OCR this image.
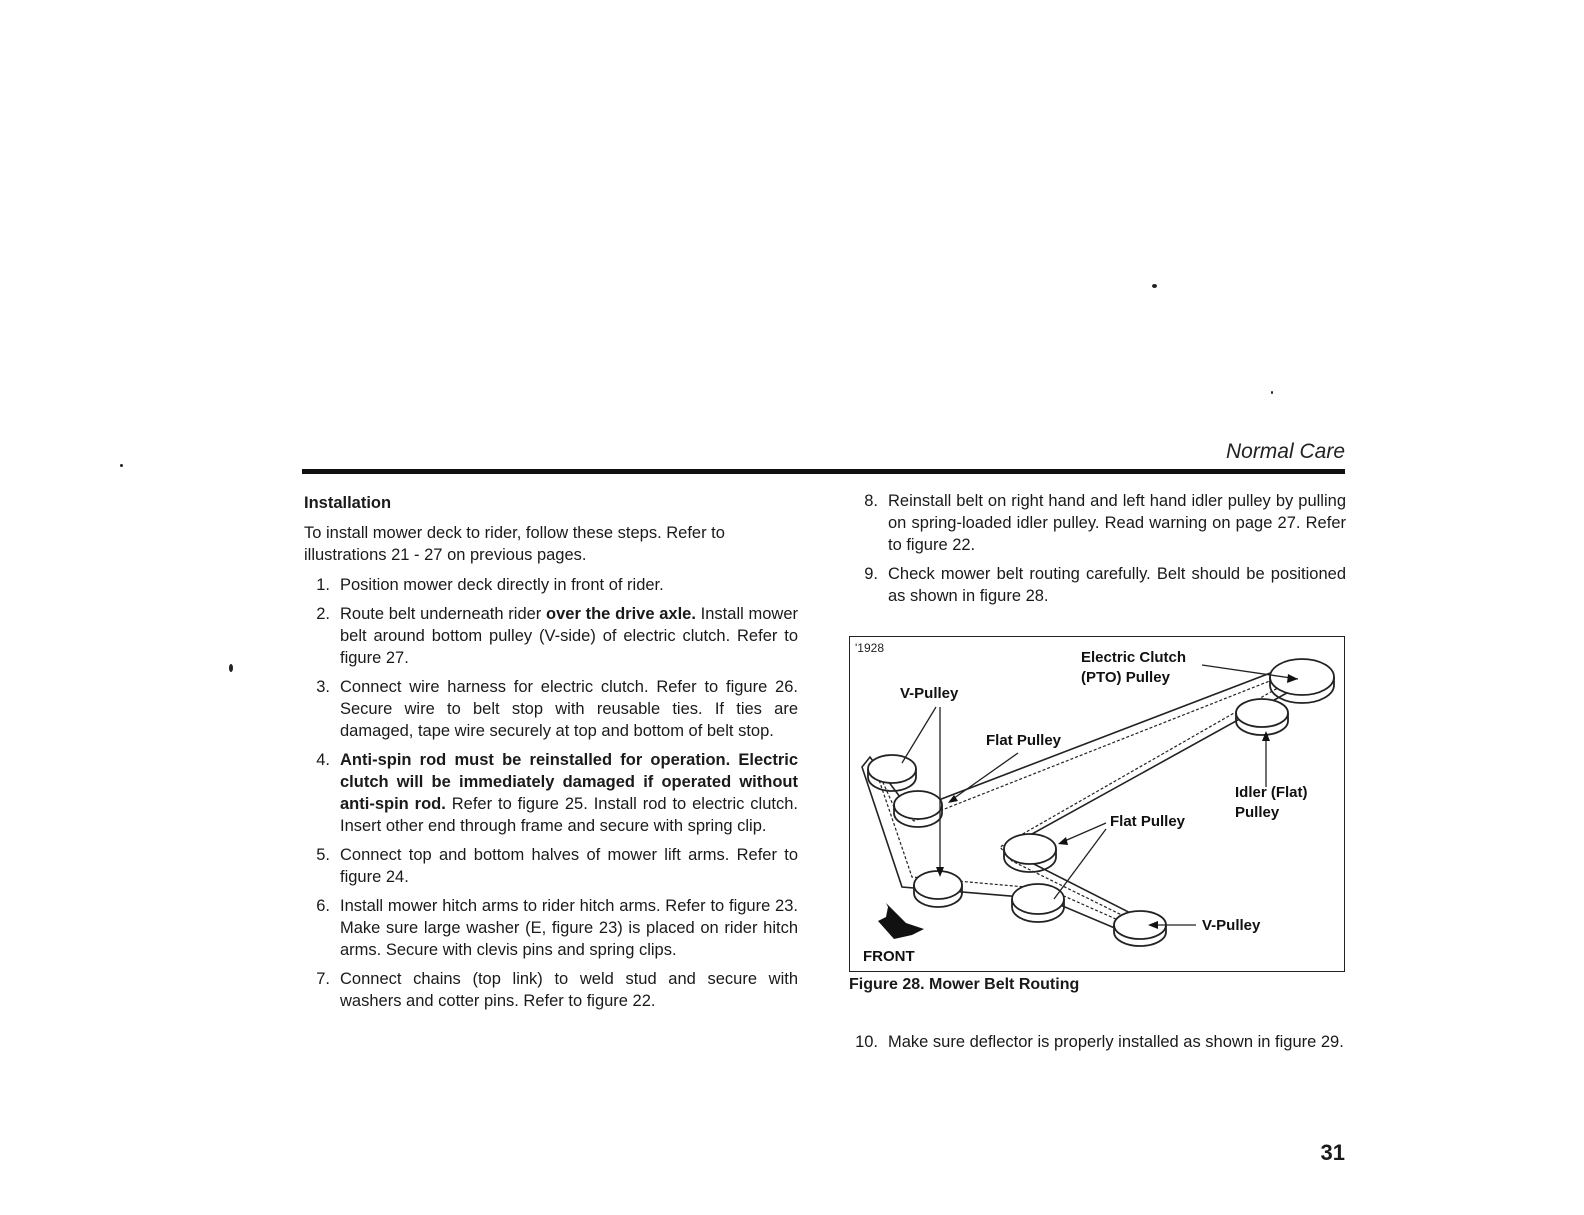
Normal Care
Installation
To install mower deck to rider, follow these steps. Refer to illustrations 21 - 27 on previous pages.
1. Position mower deck directly in front of rider.
2. Route belt underneath rider over the drive axle. Install mower belt around bottom pulley (V-side) of electric clutch. Refer to figure 27.
3. Connect wire harness for electric clutch. Refer to figure 26. Secure wire to belt stop with reusable ties. If ties are damaged, tape wire securely at top and bottom of belt stop.
4. Anti-spin rod must be reinstalled for operation. Electric clutch will be immediately damaged if operated without anti-spin rod. Refer to figure 25. Install rod to electric clutch. Insert other end through frame and secure with spring clip.
5. Connect top and bottom halves of mower lift arms. Refer to figure 24.
6. Install mower hitch arms to rider hitch arms. Refer to figure 23. Make sure large washer (E, figure 23) is placed on rider hitch arms. Secure with clevis pins and spring clips.
7. Connect chains (top link) to weld stud and secure with washers and cotter pins. Refer to figure 22.
8. Reinstall belt on right hand and left hand idler pulley by pulling on spring-loaded idler pulley. Read warning on page 27. Refer to figure 22.
9. Check mower belt routing carefully. Belt should be positioned as shown in figure 28.
'1928
Electric Clutch
(PTO) Pulley
V-Pulley
Flat Pulley
Idler (Flat)
Pulley
Flat Pulley
V-Pulley
FRONT
Figure 28. Mower Belt Routing
10. Make sure deflector is properly installed as shown in figure 29.
31
